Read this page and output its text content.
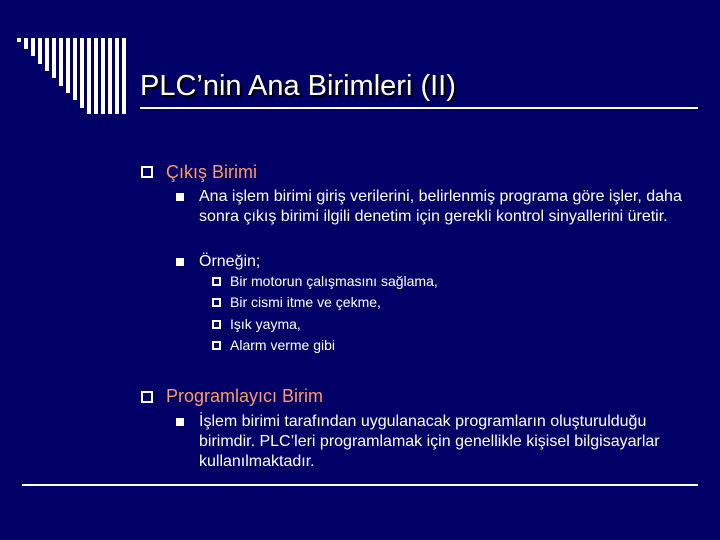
PLC’nin Ana Birimleri (II)
Çıkış Birimi
Ana işlem birimi giriş verilerini, belirlenmiş programa göre işler, daha sonra çıkış birimi ilgili denetim için gerekli kontrol sinyallerini üretir.
Örneğin;
Bir motorun çalışmasını sağlama,
Bir cismi itme ve çekme,
Işık yayma,
Alarm verme gibi
Programlayıcı Birim
İşlem birimi tarafından uygulanacak programların oluşturulduğu birimdir. PLC’leri programlamak için genellikle kişisel bilgisayarlar kullanılmaktadır.
